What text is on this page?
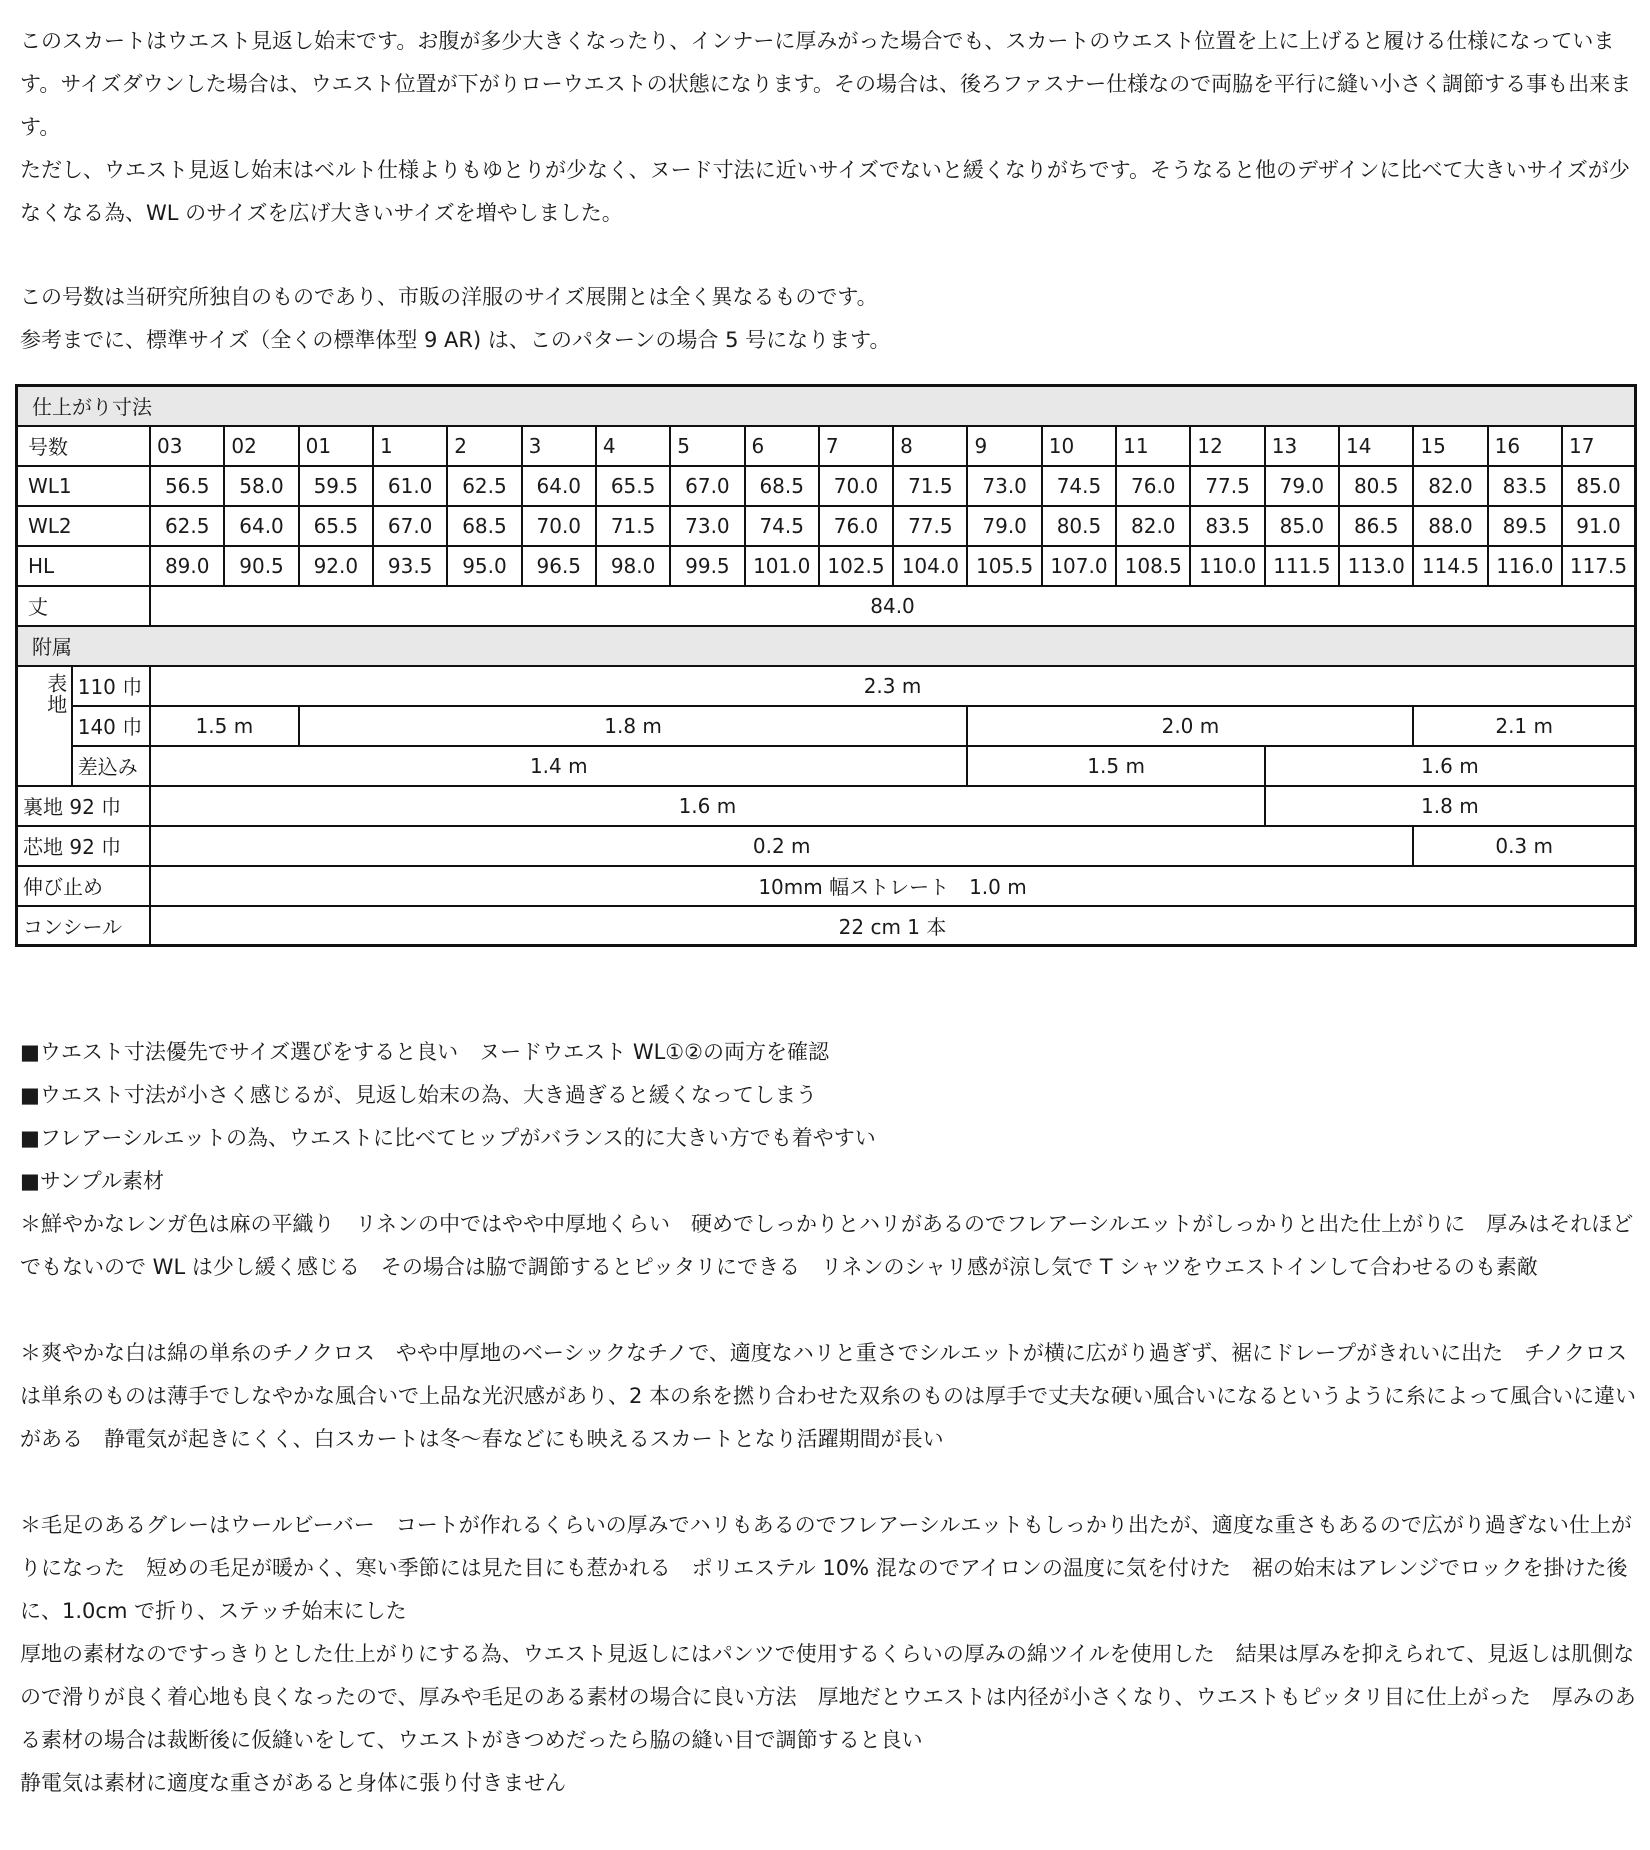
このスカートはウエスト見返し始末です。お腹が多少大きくなったり、インナーに厚みがった場合でも、スカートのウエスト位置を上に上げると履ける仕様になっています。サイズダウンした場合は、ウエスト位置が下がりローウエストの状態になります。その場合は、後ろファスナー仕様なので両脇を平行に縫い小さく調節する事も出来ます。
ただし、ウエスト見返し始末はベルト仕様よりもゆとりが少なく、ヌード寸法に近いサイズでないと緩くなりがちです。そうなると他のデザインに比べて大きいサイズが少なくなる為、WL のサイズを広げ大きいサイズを増やしました。
この号数は当研究所独自のものであり、市販の洋服のサイズ展開とは全く異なるものです。
参考までに、標準サイズ（全くの標準体型 9 AR) は、このパターンの場合 5 号になります。
仕上がり寸法																					
号数		03	02	01	1	2	3	4	5	6	7	8	9	10	11	12	13	14	15	16	17
WL1		56.5	58.0	59.5	61.0	62.5	64.0	65.5	67.0	68.5	70.0	71.5	73.0	74.5	76.0	77.5	79.0	80.5	82.0	83.5	85.0
WL2		62.5	64.0	65.5	67.0	68.5	70.0	71.5	73.0	74.5	76.0	77.5	79.0	80.5	82.0	83.5	85.0	86.5	88.0	89.5	91.0
HL		89.0	90.5	92.0	93.5	95.0	96.5	98.0	99.5	101.0	102.5	104.0	105.5	107.0	108.5	110.0	111.5	113.0	114.5	116.0	117.5
丈		84.0																			
附属																					
表地	110 巾	2.3 m																			
	140 巾	1.5 m		1.8 m									2.0 m						2.1 m		
	差込み	1.4 m											1.5 m				1.6 m				
裏地 92 巾		1.6 m															1.8 m				
芯地 92 巾		0.2 m																	0.3 m		
伸び止め		10mm 幅ストレート　1.0 m																			
コンシール		22 cm 1 本																			

■ウエスト寸法優先でサイズ選びをすると良い　ヌードウエスト WL①②の両方を確認

■ウエスト寸法が小さく感じるが、見返し始末の為、大き過ぎると緩くなってしまう

■フレアーシルエットの為、ウエストに比べてヒップがバランス的に大きい方でも着やすい

■サンプル素材

＊鮮やかなレンガ色は麻の平織り　リネンの中ではやや中厚地くらい　硬めでしっかりとハリがあるのでフレアーシルエットがしっかりと出た仕上がりに　厚みはそれほどでもないので WL は少し緩く感じる　その場合は脇で調節するとピッタリにできる　リネンのシャリ感が涼し気で T シャツをウエストインして合わせるのも素敵

＊爽やかな白は綿の単糸のチノクロス　やや中厚地のベーシックなチノで、適度なハリと重さでシルエットが横に広がり過ぎず、裾にドレープがきれいに出た　チノクロスは単糸のものは薄手でしなやかな風合いで上品な光沢感があり、2 本の糸を撚り合わせた双糸のものは厚手で丈夫な硬い風合いになるというように糸によって風合いに違いがある　静電気が起きにくく、白スカートは冬〜春などにも映えるスカートとなり活躍期間が長い

＊毛足のあるグレーはウールビーバー　コートが作れるくらいの厚みでハリもあるのでフレアーシルエットもしっかり出たが、適度な重さもあるので広がり過ぎない仕上がりになった　短めの毛足が暖かく、寒い季節には見た目にも惹かれる　ポリエステル 10% 混なのでアイロンの温度に気を付けた　裾の始末はアレンジでロックを掛けた後に、1.0cm で折り、ステッチ始末にした

厚地の素材なのですっきりとした仕上がりにする為、ウエスト見返しにはパンツで使用するくらいの厚みの綿ツイルを使用した　結果は厚みを抑えられて、見返しは肌側なので滑りが良く着心地も良くなったので、厚みや毛足のある素材の場合に良い方法　厚地だとウエストは内径が小さくなり、ウエストもピッタリ目に仕上がった　厚みのある素材の場合は裁断後に仮縫いをして、ウエストがきつめだったら脇の縫い目で調節すると良い

静電気は素材に適度な重さがあると身体に張り付きません
